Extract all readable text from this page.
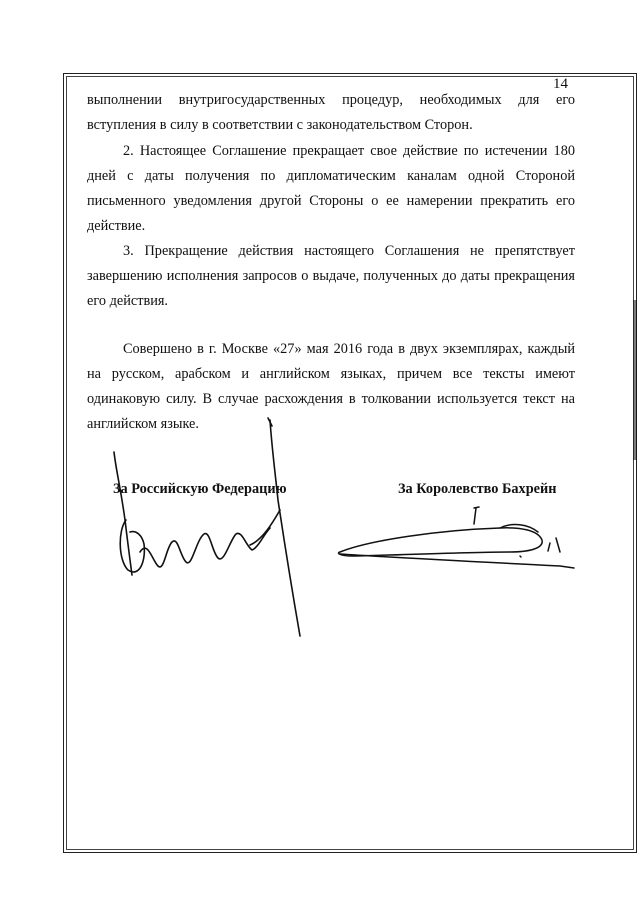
14
выполнении внутригосударственных процедур, необходимых для его вступления в силу в соответствии с законодательством Сторон.
2. Настоящее Соглашение прекращает свое действие по истечении 180 дней с даты получения по дипломатическим каналам одной Стороной письменного уведомления другой Стороны о ее намерении прекратить его действие.
3. Прекращение действия настоящего Соглашения не препятствует завершению исполнения запросов о выдаче, полученных до даты прекращения его действия.
Совершено в г. Москве «27» мая 2016 года в двух экземплярах, каждый на русском, арабском и английском языках, причем все тексты имеют одинаковую силу. В случае расхождения в толковании используется текст на английском языке.
За Российскую Федерацию	За Королевство Бахрейн
